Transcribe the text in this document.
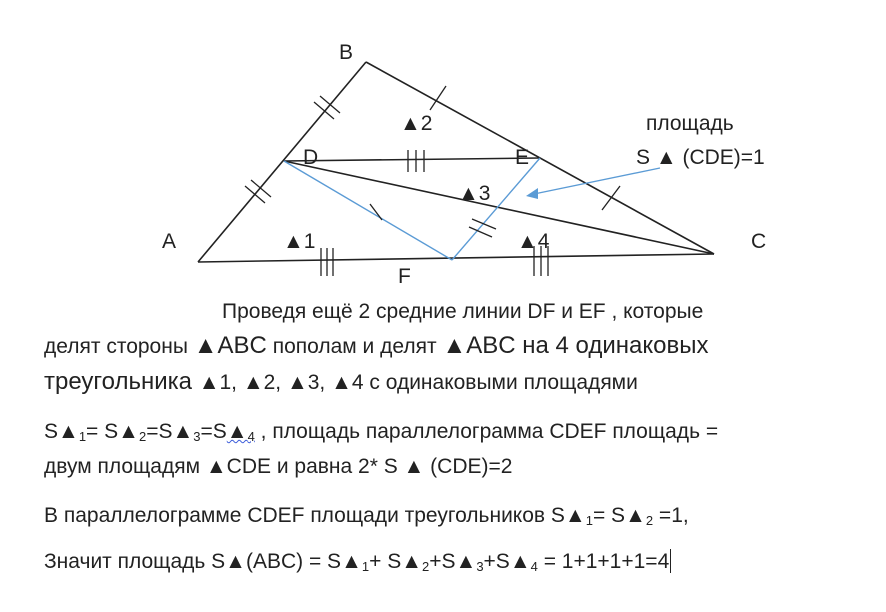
A
B
C
D	E
F
▲1
▲2
▲3
▲4
площадь
S ▲ (CDE)=1
Проведя ещё 2 средние линии DF и EF , которые
делят стороны ▲ABC пополам и делят ▲ABC на 4 одинаковых
треугольника ▲1, ▲2, ▲3, ▲4 с одинаковыми площадями
$S▲_1=$ $S▲_2=S▲_3=S▲_4$ , площадь параллелограмма CDEF площадь =
двум площадям ▲CDE и равна 2* S ▲ (CDE)=2
В параллелограмме CDEF площади треугольников $S▲_1=$ $S▲_2 =1$,
Значит площадь S▲(ABC) = $S▲_1+$ $S▲_2+S▲_3+S▲_4 = 1+1+1+1=4$
